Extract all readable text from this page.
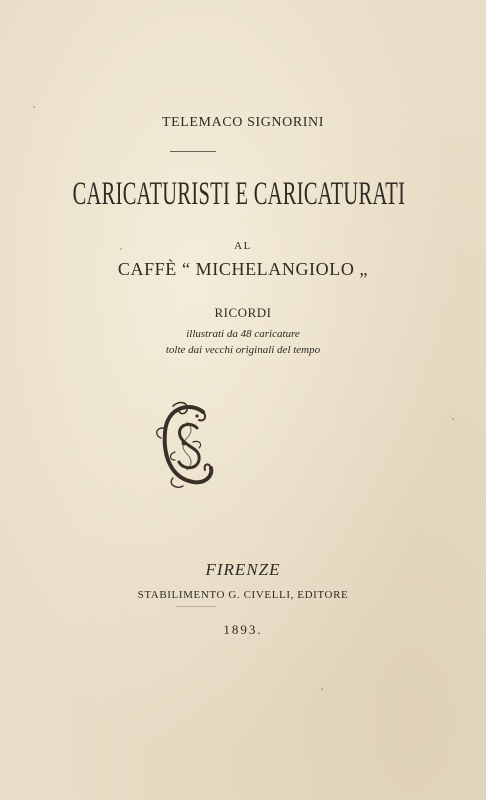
TELEMACO SIGNORINI
CARICATURISTI E CARICATURATI
AL
CAFFÈ “ MICHELANGIOLO „
RICORDI
illustrati da 48 caricature
tolte dai vecchi originali del tempo
FIRENZE
STABILIMENTO G. CIVELLI, EDITORE
1893.
